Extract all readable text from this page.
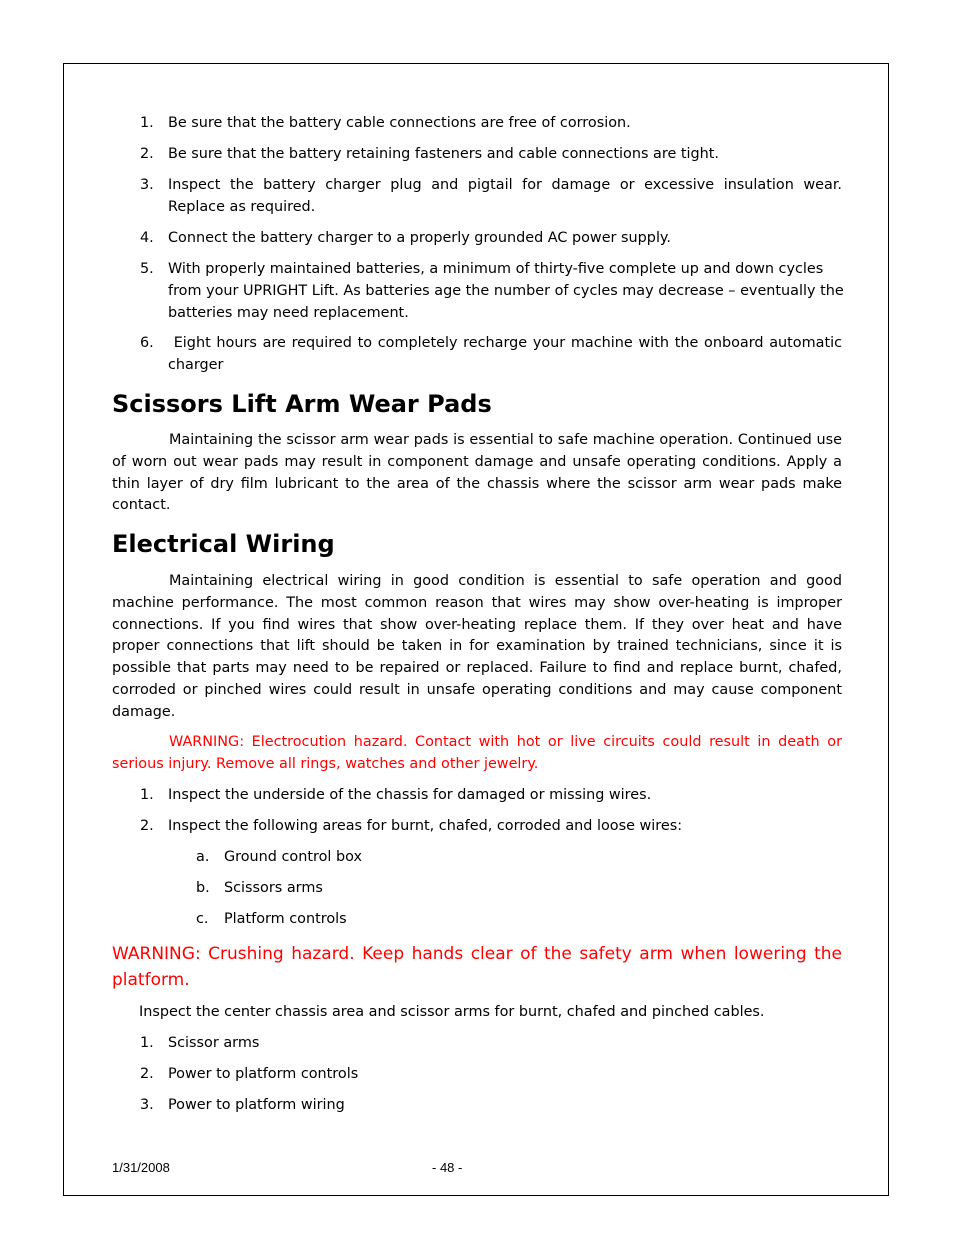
1. Be sure that the battery cable connections are free of corrosion.
2. Be sure that the battery retaining fasteners and cable connections are tight.
3. Inspect the battery charger plug and pigtail for damage or excessive insulation wear. Replace as required.
4. Connect the battery charger to a properly grounded AC power supply.
5. With properly maintained batteries, a minimum of thirty-five complete up and down cycles from your UPRIGHT Lift. As batteries age the number of cycles may decrease – eventually the batteries may need replacement.
6. Eight hours are required to completely recharge your machine with the onboard automatic charger
Scissors Lift Arm Wear Pads

Maintaining the scissor arm wear pads is essential to safe machine operation. Continued use of worn out wear pads may result in component damage and unsafe operating conditions. Apply a thin layer of dry film lubricant to the area of the chassis where the scissor arm wear pads make contact.

Electrical Wiring

Maintaining electrical wiring in good condition is essential to safe operation and good machine performance. The most common reason that wires may show over-heating is improper connections. If you find wires that show over-heating replace them. If they over heat and have proper connections that lift should be taken in for examination by trained technicians, since it is possible that parts may need to be repaired or replaced. Failure to find and replace burnt, chafed, corroded or pinched wires could result in unsafe operating conditions and may cause component damage.

WARNING: Electrocution hazard. Contact with hot or live circuits could result in death or serious injury. Remove all rings, watches and other jewelry.

1. Inspect the underside of the chassis for damaged or missing wires.
2. Inspect the following areas for burnt, chafed, corroded and loose wires:
a. Ground control box
b. Scissors arms
c. Platform controls

WARNING: Crushing hazard. Keep hands clear of the safety arm when lowering the platform.

Inspect the center chassis area and scissor arms for burnt, chafed and pinched cables.
1. Scissor arms
2. Power to platform controls
3. Power to platform wiring
1/31/2008	- 48 -
